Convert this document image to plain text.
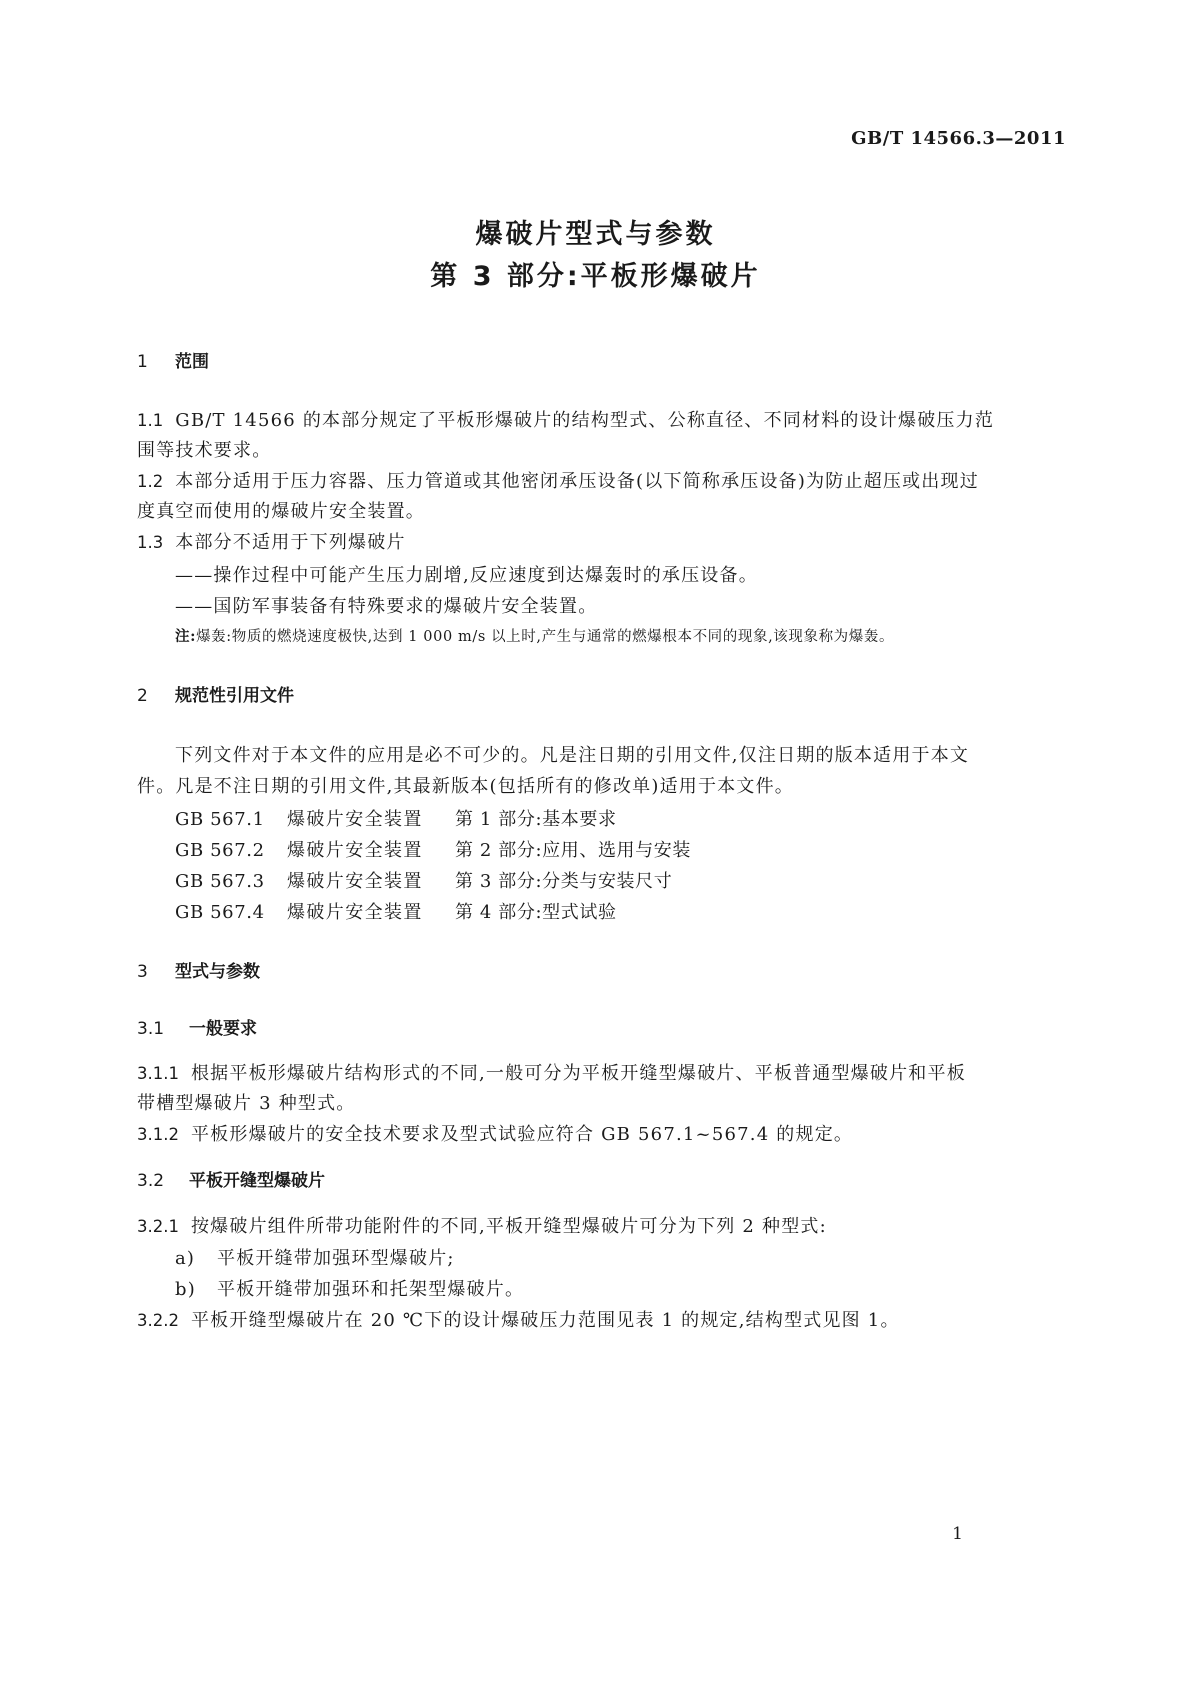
GB/T 14566.3—2011
爆破片型式与参数
第 3 部分:平板形爆破片
1 范围
1.1 GB/T 14566 的本部分规定了平板形爆破片的结构型式、公称直径、不同材料的设计爆破压力范
围等技术要求。
1.2 本部分适用于压力容器、压力管道或其他密闭承压设备(以下简称承压设备)为防止超压或出现过
度真空而使用的爆破片安全装置。
1.3 本部分不适用于下列爆破片
——操作过程中可能产生压力剧增,反应速度到达爆轰时的承压设备。
——国防军事装备有特殊要求的爆破片安全装置。
注:爆轰:物质的燃烧速度极快,达到 1 000 m/s 以上时,产生与通常的燃爆根本不同的现象,该现象称为爆轰。
2 规范性引用文件
下列文件对于本文件的应用是必不可少的。凡是注日期的引用文件,仅注日期的版本适用于本文
件。凡是不注日期的引用文件,其最新版本(包括所有的修改单)适用于本文件。
GB 567.1 爆破片安全装置 第 1 部分:基本要求
GB 567.2 爆破片安全装置 第 2 部分:应用、选用与安装
GB 567.3 爆破片安全装置 第 3 部分:分类与安装尺寸
GB 567.4 爆破片安全装置 第 4 部分:型式试验
3 型式与参数
3.1 一般要求
3.1.1 根据平板形爆破片结构形式的不同,一般可分为平板开缝型爆破片、平板普通型爆破片和平板
带槽型爆破片 3 种型式。
3.1.2 平板形爆破片的安全技术要求及型式试验应符合 GB 567.1~567.4 的规定。
3.2 平板开缝型爆破片
3.2.1 按爆破片组件所带功能附件的不同,平板开缝型爆破片可分为下列 2 种型式:
a) 平板开缝带加强环型爆破片;
b) 平板开缝带加强环和托架型爆破片。
3.2.2 平板开缝型爆破片在 20 ℃下的设计爆破压力范围见表 1 的规定,结构型式见图 1。
1
